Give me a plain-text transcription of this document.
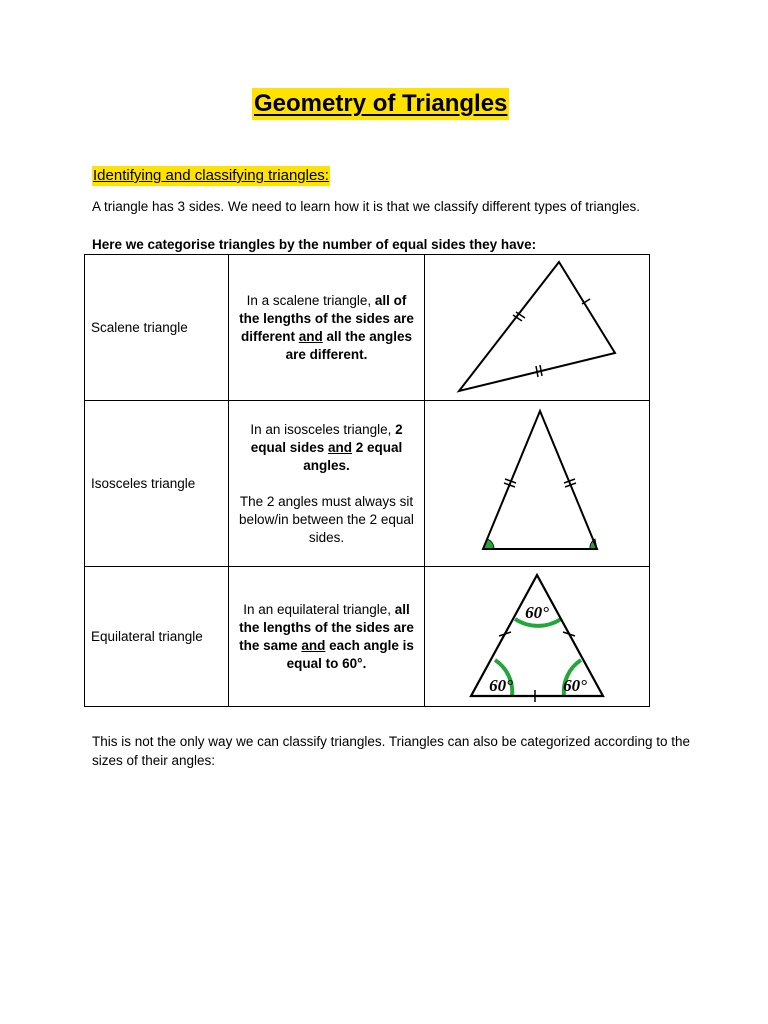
Geometry of Triangles
Identifying and classifying triangles:
A triangle has 3 sides. We need to learn how it is that we classify different types of triangles.
Here we categorise triangles by the number of equal sides they have:
Scalene triangle	In a scalene triangle, all of the lengths of the sides are different and all the angles are different.

Isosceles triangle	In an isosceles triangle, 2 equal sides and 2 equal angles.
The 2 angles must always sit below/in between the 2 equal sides.

Equilateral triangle	In an equilateral triangle, all the lengths of the sides are the same and each angle is equal to 60°.	60°
60° 60°
This is not the only way we can classify triangles. Triangles can also be categorized according to the sizes of their angles:
